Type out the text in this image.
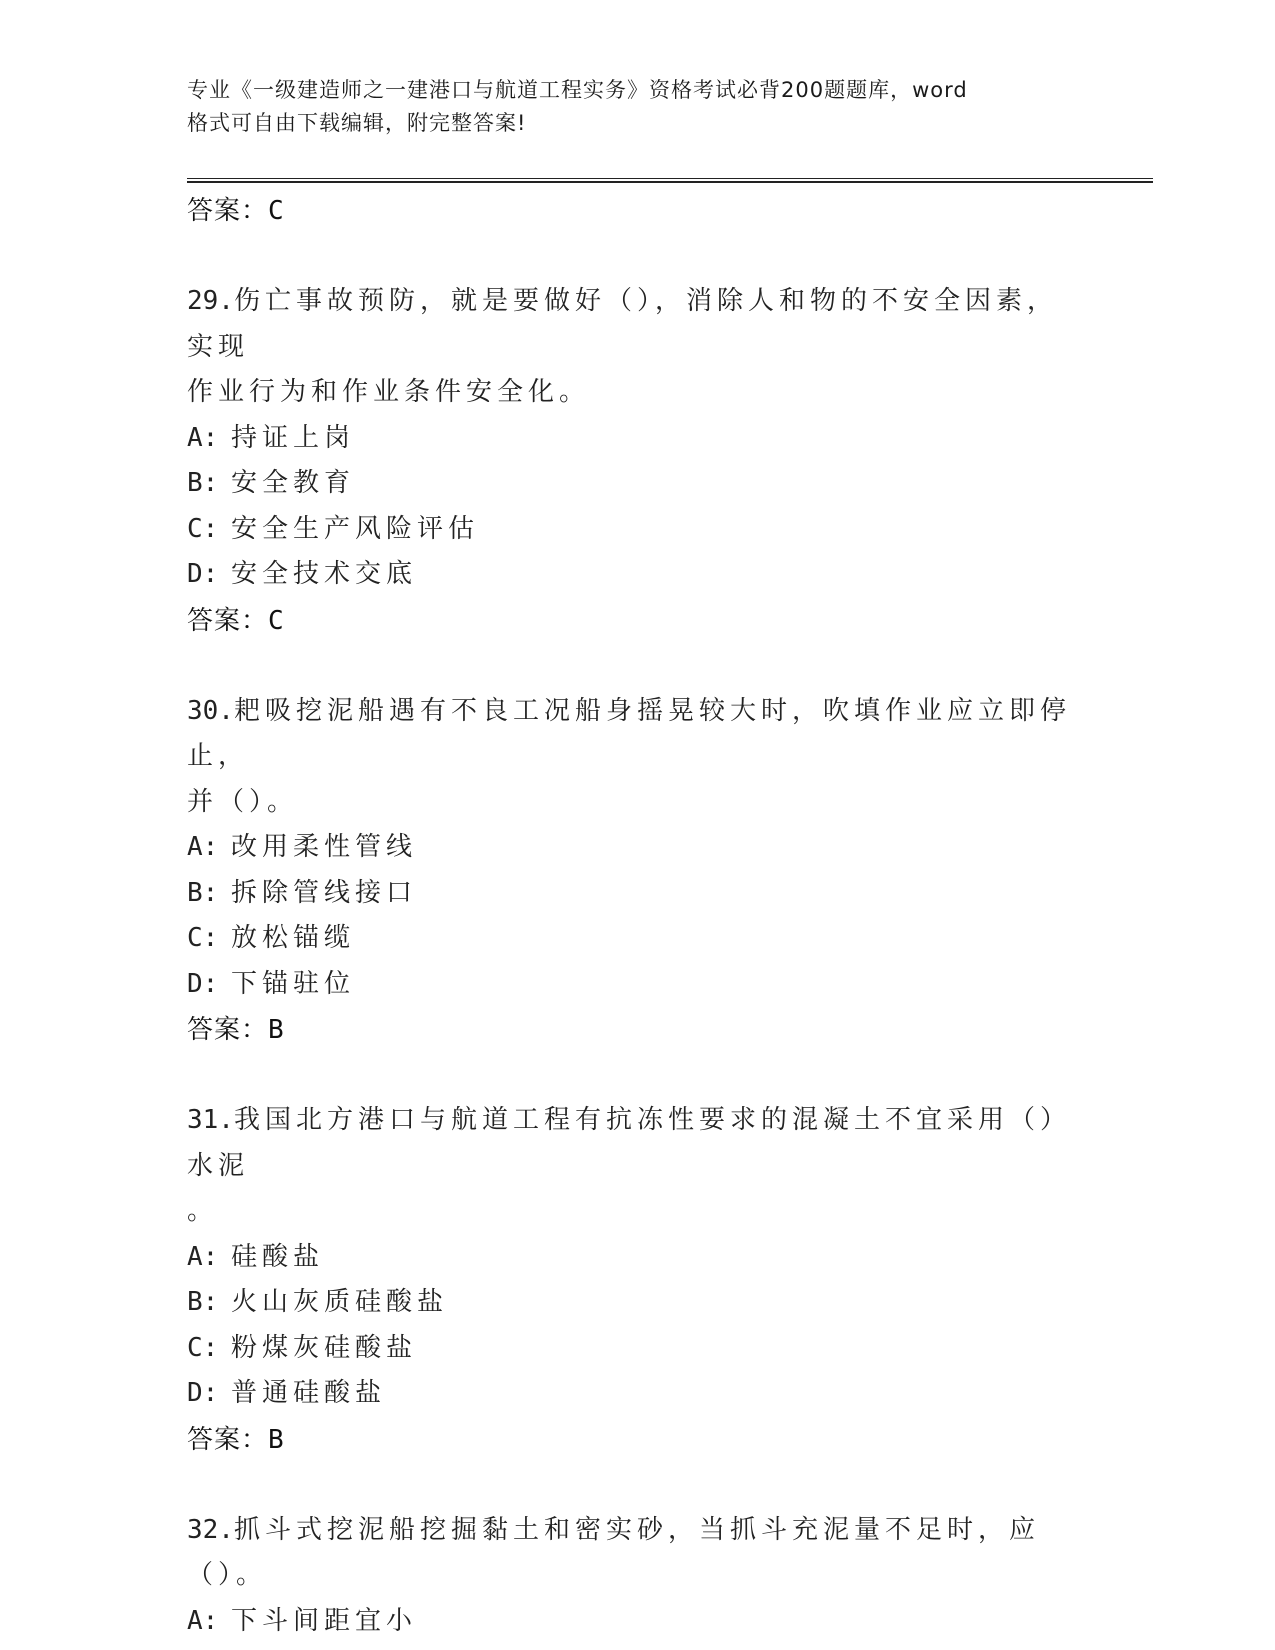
专业《一级建造师之一建港口与航道工程实务》资格考试必背200题题库，word
格式可自由下载编辑，附完整答案!
答案：C
29.伤亡事故预防，就是要做好（），消除人和物的不安全因素，实现
作业行为和作业条件安全化。
A: 持证上岗
B: 安全教育
C: 安全生产风险评估
D: 安全技术交底
答案：C
30.耙吸挖泥船遇有不良工况船身摇晃较大时，吹填作业应立即停止，
并（）。
A: 改用柔性管线
B: 拆除管线接口
C: 放松锚缆
D: 下锚驻位
答案：B
31.我国北方港口与航道工程有抗冻性要求的混凝土不宜采用（）水泥
。
A: 硅酸盐
B: 火山灰质硅酸盐
C: 粉煤灰硅酸盐
D: 普通硅酸盐
答案：B
32.抓斗式挖泥船挖掘黏土和密实砂，当抓斗充泥量不足时，应（）。
A: 下斗间距宜小
